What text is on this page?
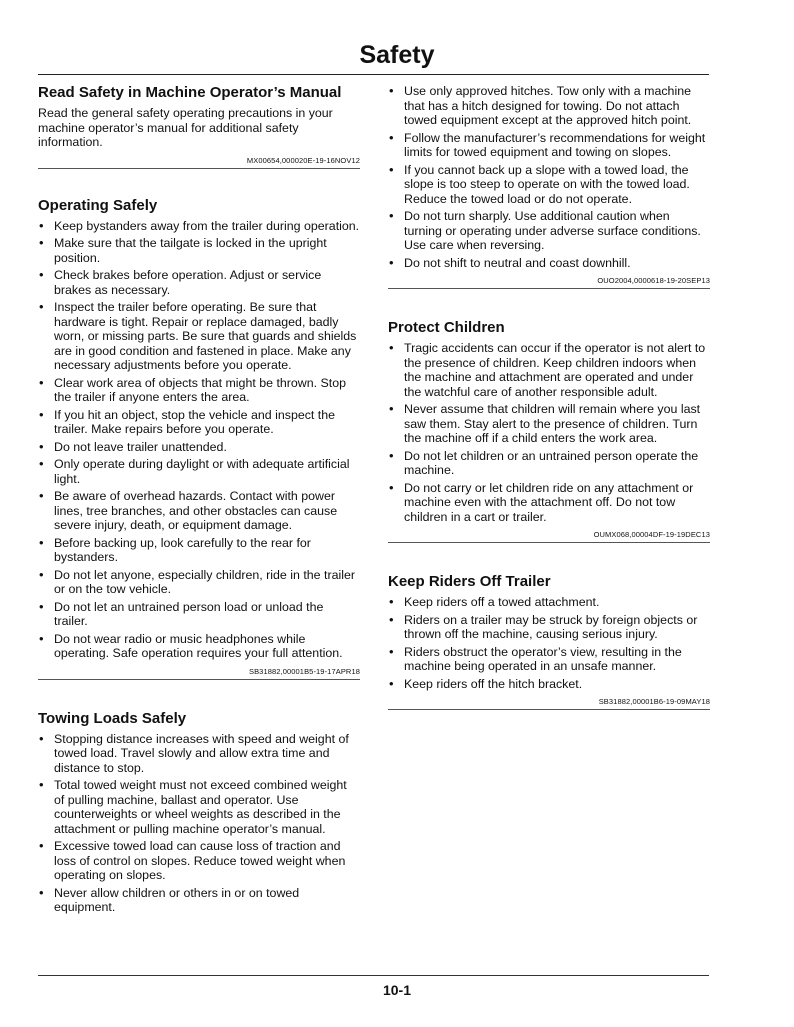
Safety
Read Safety in Machine Operator’s Manual

Read the general safety operating precautions in your machine operator’s manual for additional safety information.

MX00654,000020E-19-16NOV12
Operating Safely
• Keep bystanders away from the trailer during operation.
• Make sure that the tailgate is locked in the upright position.
• Check brakes before operation. Adjust or service brakes as necessary.
• Inspect the trailer before operating. Be sure that hardware is tight. Repair or replace damaged, badly worn, or missing parts. Be sure that guards and shields are in good condition and fastened in place. Make any necessary adjustments before you operate.
• Clear work area of objects that might be thrown. Stop the trailer if anyone enters the area.
• If you hit an object, stop the vehicle and inspect the trailer. Make repairs before you operate.
• Do not leave trailer unattended.
• Only operate during daylight or with adequate artificial light.
• Be aware of overhead hazards. Contact with power lines, tree branches, and other obstacles can cause severe injury, death, or equipment damage.
• Before backing up, look carefully to the rear for bystanders.
• Do not let anyone, especially children, ride in the trailer or on the tow vehicle.
• Do not let an untrained person load or unload the trailer.
• Do not wear radio or music headphones while operating. Safe operation requires your full attention.
SB31882,00001B5-19-17APR18
Towing Loads Safely
• Stopping distance increases with speed and weight of towed load. Travel slowly and allow extra time and distance to stop.
• Total towed weight must not exceed combined weight of pulling machine, ballast and operator. Use counterweights or wheel weights as described in the attachment or pulling machine operator’s manual.
• Excessive towed load can cause loss of traction and loss of control on slopes. Reduce towed weight when operating on slopes.
• Never allow children or others in or on towed equipment.
• Use only approved hitches. Tow only with a machine that has a hitch designed for towing. Do not attach towed equipment except at the approved hitch point.
• Follow the manufacturer’s recommendations for weight limits for towed equipment and towing on slopes.
• If you cannot back up a slope with a towed load, the slope is too steep to operate on with the towed load. Reduce the towed load or do not operate.
• Do not turn sharply. Use additional caution when turning or operating under adverse surface conditions. Use care when reversing.
• Do not shift to neutral and coast downhill.
OUO2004,0000618-19-20SEP13
Protect Children
• Tragic accidents can occur if the operator is not alert to the presence of children. Keep children indoors when the machine and attachment are operated and under the watchful care of another responsible adult.
• Never assume that children will remain where you last saw them. Stay alert to the presence of children. Turn the machine off if a child enters the work area.
• Do not let children or an untrained person operate the machine.
• Do not carry or let children ride on any attachment or machine even with the attachment off. Do not tow children in a cart or trailer.
OUMX068,00004DF-19-19DEC13
Keep Riders Off Trailer
• Keep riders off a towed attachment.
• Riders on a trailer may be struck by foreign objects or thrown off the machine, causing serious injury.
• Riders obstruct the operator’s view, resulting in the machine being operated in an unsafe manner.
• Keep riders off the hitch bracket.
SB31882,00001B6-19-09MAY18
10-1
